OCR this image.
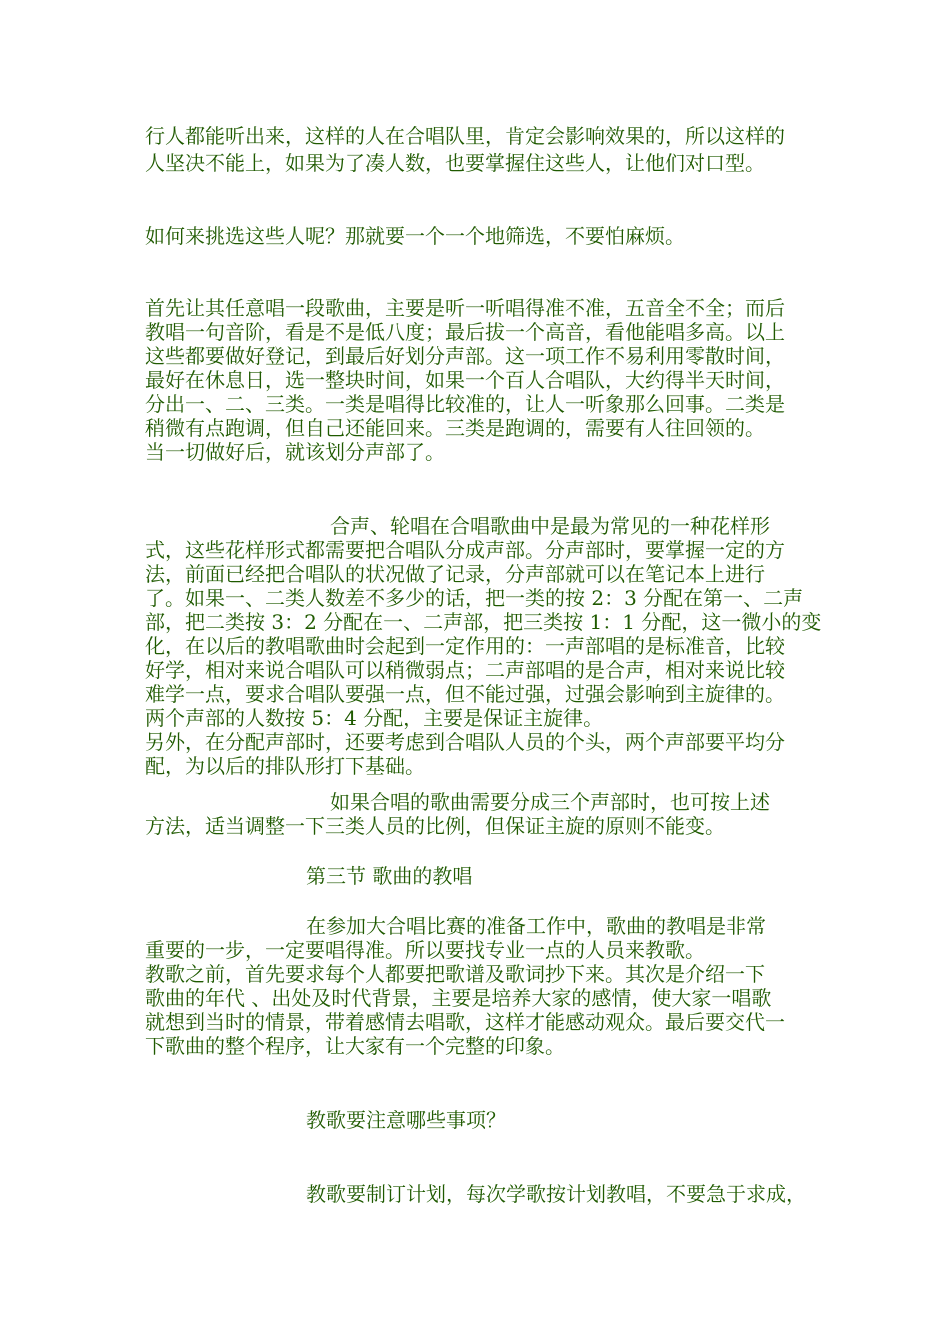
行人都能听出来，这样的人在合唱队里，肯定会影响效果的，所以这样的
人坚决不能上，如果为了凑人数，也要掌握住这些人，让他们对口型。
如何来挑选这些人呢？那就要一个一个地筛选，不要怕麻烦。
首先让其任意唱一段歌曲，主要是听一听唱得准不准，五音全不全；而后
教唱一句音阶，看是不是低八度；最后拔一个高音，看他能唱多高。以上
这些都要做好登记，到最后好划分声部。这一项工作不易利用零散时间，
最好在休息日，选一整块时间，如果一个百人合唱队，大约得半天时间，
分出一、二、三类。一类是唱得比较准的，让人一听象那么回事。二类是
稍微有点跑调，但自己还能回来。三类是跑调的，需要有人往回领的。
当一切做好后，就该划分声部了。
合声、轮唱在合唱歌曲中是最为常见的一种花样形
式，这些花样形式都需要把合唱队分成声部。分声部时，要掌握一定的方
法，前面已经把合唱队的状况做了记录，分声部就可以在笔记本上进行
了。如果一、二类人数差不多少的话，把一类的按 2：3 分配在第一、二声
部，把二类按 3：2 分配在一、二声部，把三类按 1：1 分配，这一微小的变
化，在以后的教唱歌曲时会起到一定作用的：一声部唱的是标准音，比较
好学，相对来说合唱队可以稍微弱点；二声部唱的是合声，相对来说比较
难学一点，要求合唱队要强一点，但不能过强，过强会影响到主旋律的。
两个声部的人数按 5：4 分配，主要是保证主旋律。
另外，在分配声部时，还要考虑到合唱队人员的个头，两个声部要平均分
配，为以后的排队形打下基础。
如果合唱的歌曲需要分成三个声部时，也可按上述
方法，适当调整一下三类人员的比例，但保证主旋的原则不能变。
第三节 歌曲的教唱
在参加大合唱比赛的准备工作中，歌曲的教唱是非常
重要的一步，一定要唱得准。所以要找专业一点的人员来教歌。
教歌之前，首先要求每个人都要把歌谱及歌词抄下来。其次是介绍一下
歌曲的年代 、出处及时代背景，主要是培养大家的感情，使大家一唱歌
就想到当时的情景，带着感情去唱歌，这样才能感动观众。最后要交代一
下歌曲的整个程序，让大家有一个完整的印象。
教歌要注意哪些事项？
教歌要制订计划，每次学歌按计划教唱，不要急于求成，
